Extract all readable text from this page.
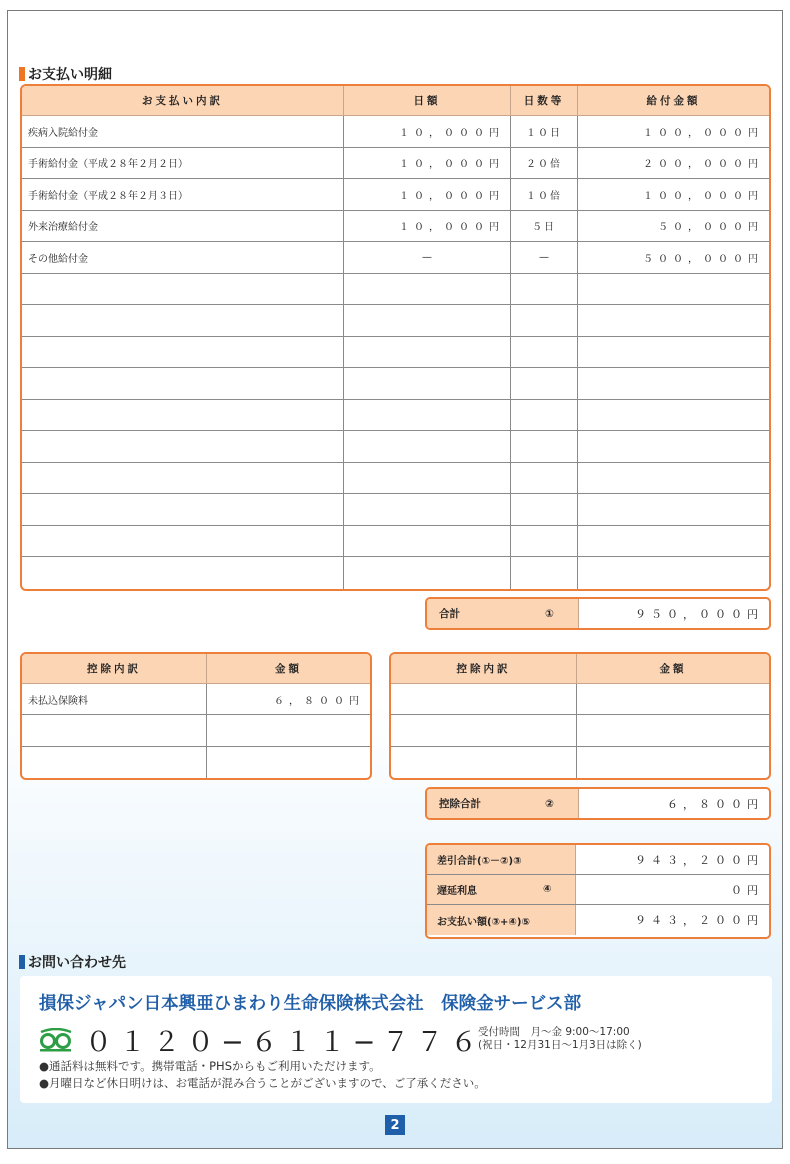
お支払い明細
お支払い内訳	日額	日数等	給付金額
疾病入院給付金	１０，０００円	１０日	１００，０００円
手術給付金（平成２８年２月２日）	１０，０００円	２０倍	２００，０００円
手術給付金（平成２８年２月３日）	１０，０００円	１０倍	１００，０００円
外来治療給付金	１０，０００円	５日	５０，０００円
その他給付金	—	—	５００，０００円

合計	①	９５０，０００円
控除内訳	金額
未払込保険料	６，８００円

控除内訳	金額

控除合計	②	６，８００円
差引合計(①－②)③	９４３，２００円
遅延利息	④	０円
お支払い額(③+④)⑤	９４３，２００円
お問い合わせ先
損保ジャパン日本興亜ひまわり生命保険株式会社　保険金サービス部
０１２０−６１１−７７６
受付時間　月～金 9:00～17:00
(祝日・12月31日～1月3日は除く)
●通話料は無料です。携帯電話・PHSからもご利用いただけます。
●月曜日など休日明けは、お電話が混み合うことがございますので、ご了承ください。
2
